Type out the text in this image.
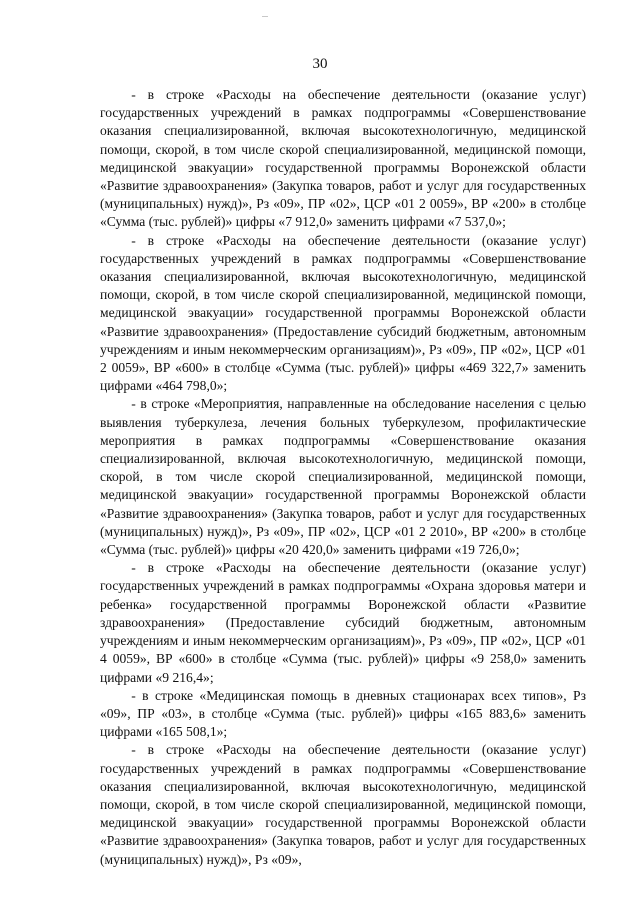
30

- в строке «Расходы на обеспечение деятельности (оказание услуг) государственных учреждений в рамках подпрограммы «Совершенствование оказания специализированной, включая высокотехнологичную, медицинской помощи, скорой, в том числе скорой специализированной, медицинской помощи, медицинской эвакуации» государственной программы Воронежской области «Развитие здравоохранения» (Закупка товаров, работ и услуг для государственных (муниципальных) нужд)», Рз «09», ПР «02», ЦСР «01 2 0059», ВР «200» в столбце «Сумма (тыс. рублей)» цифры «7 912,0» заменить цифрами «7 537,0»;

- в строке «Расходы на обеспечение деятельности (оказание услуг) государственных учреждений в рамках подпрограммы «Совершенствование оказания специализированной, включая высокотехнологичную, медицинской помощи, скорой, в том числе скорой специализированной, медицинской помощи, медицинской эвакуации» государственной программы Воронежской области «Развитие здравоохранения» (Предоставление субсидий бюджетным, автономным учреждениям и иным некоммерческим организациям)», Рз «09», ПР «02», ЦСР «01 2 0059», ВР «600» в столбце «Сумма (тыс. рублей)» цифры «469 322,7» заменить цифрами «464 798,0»;

- в строке «Мероприятия, направленные на обследование населения с целью выявления туберкулеза, лечения больных туберкулезом, профилактические мероприятия в рамках подпрограммы «Совершенствование оказания специализированной, включая высокотехнологичную, медицинской помощи, скорой, в том числе скорой специализированной, медицинской помощи, медицинской эвакуации» государственной программы Воронежской области «Развитие здравоохранения» (Закупка товаров, работ и услуг для государственных (муниципальных) нужд)», Рз «09», ПР «02», ЦСР «01 2 2010», ВР «200» в столбце «Сумма (тыс. рублей)» цифры «20 420,0» заменить цифрами «19 726,0»;

- в строке «Расходы на обеспечение деятельности (оказание услуг) государственных учреждений в рамках подпрограммы «Охрана здоровья матери и ребенка» государственной программы Воронежской области «Развитие здравоохранения» (Предоставление субсидий бюджетным, автономным учреждениям и иным некоммерческим организациям)», Рз «09», ПР «02», ЦСР «01 4 0059», ВР «600» в столбце «Сумма (тыс. рублей)» цифры «9 258,0» заменить цифрами «9 216,4»;

- в строке «Медицинская помощь в дневных стационарах всех типов», Рз «09», ПР «03», в столбце «Сумма (тыс. рублей)» цифры «165 883,6» заменить цифрами «165 508,1»;

- в строке «Расходы на обеспечение деятельности (оказание услуг) государственных учреждений в рамках подпрограммы «Совершенствование оказания специализированной, включая высокотехнологичную, медицинской помощи, скорой, в том числе скорой специализированной, медицинской помощи, медицинской эвакуации» государственной программы Воронежской области «Развитие здравоохранения» (Закупка товаров, работ и услуг для государственных (муниципальных) нужд)», Рз «09»,
